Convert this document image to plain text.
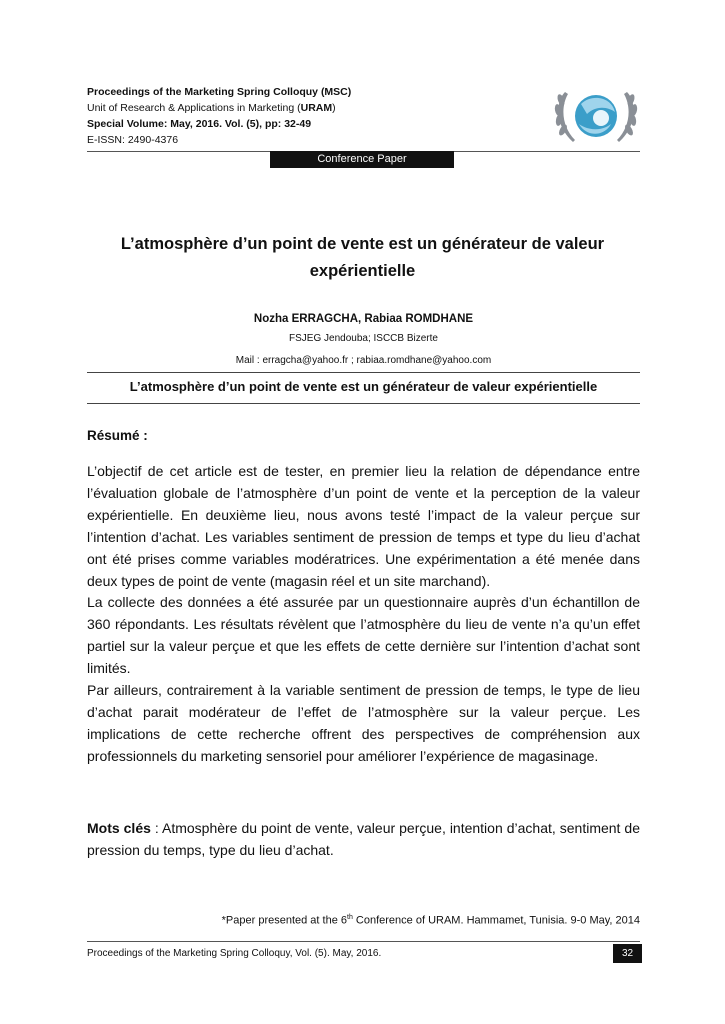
Proceedings of the Marketing Spring Colloquy (MSC)
Unit of Research & Applications in Marketing (URAM)
Special Volume: May, 2016. Vol. (5), pp: 32-49
E-ISSN: 2490-4376
Conference Paper
L’atmosphère d’un point de vente est un générateur de valeur expérientielle
Nozha ERRAGCHA, Rabiaa ROMDHANE
FSJEG Jendouba; ISCCB Bizerte
Mail : erragcha@yahoo.fr ; rabiaa.romdhane@yahoo.com
L’atmosphère d’un point de vente est un générateur de valeur expérientielle
Résumé :

L’objectif de cet article est de tester, en premier lieu la relation de dépendance entre l’évaluation globale de l’atmosphère d’un point de vente et la perception de la valeur expérientielle. En deuxième lieu, nous avons testé l’impact de la valeur perçue sur l’intention d’achat. Les variables sentiment de pression de temps et type du lieu d’achat ont été prises comme variables modératrices. Une expérimentation a été menée dans deux types de point de vente (magasin réel et un site marchand).

La collecte des données a été assurée par un questionnaire auprès d’un échantillon de 360 répondants. Les résultats révèlent que l’atmosphère du lieu de vente n’a qu’un effet partiel sur la valeur perçue et que les effets de cette dernière sur l’intention d’achat sont limités.

Par ailleurs, contrairement à la variable sentiment de pression de temps, le type de lieu d’achat parait modérateur de l’effet de l’atmosphère sur la valeur perçue. Les implications de cette recherche offrent des perspectives de compréhension aux professionnels du marketing sensoriel pour améliorer l’expérience de magasinage.

Mots clés : Atmosphère du point de vente, valeur perçue, intention d’achat, sentiment de pression du temps, type du lieu d’achat.
*Paper presented at the 6th Conference of URAM. Hammamet, Tunisia. 9-0 May, 2014
Proceedings of the Marketing Spring Colloquy, Vol. (5). May, 2016.	32
